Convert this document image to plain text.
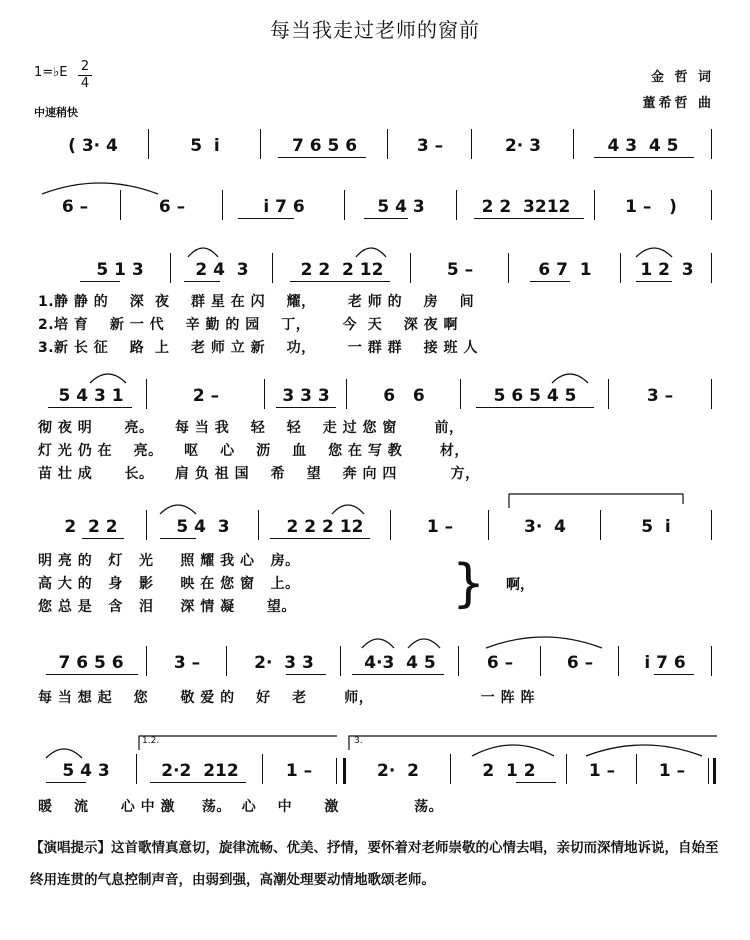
每当我走过老师的窗前
1=♭E 2
4
中速稍快
金 哲 词
董希哲 曲
( 3· 4	5  i	7 6 5 6	3 –	2· 3	4 3  4 5
6 –	6 –	i 7 6	5 4 3	2 2  3212	1 –   )
5 1 3	2 4  3	2 2  2 12	5 –	6 7  1	1 2  3
1.静 静 的    深  夜    群 星 在 闪    耀，      老 师 的    房    间
2.培 育    新 一 代    辛 勤 的 园    丁，      今  天    深 夜 啊
3.新 长 征    路  上    老 师 立 新    功，      一 群 群    接 班 人
5 4 3 1	2 –	3 3 3	6   6	5 6 5 4 5	3 –
彻 夜 明      亮。    每 当 我    轻    轻    走 过 您 窗       前，
灯 光 仍 在    亮。    呕    心    沥    血    您 在 写 教       材，
苗 壮 成      长。    肩 负 祖 国    希    望    奔 向 四          方，
2  2 2	5 4  3	2 2 2 12	1 –	3·  4	5  i
明 亮 的   灯   光     照 耀 我 心   房。
高 大 的   身   影     映 在 您 窗   上。
您 总 是   含   泪     深 情 凝      望。	} 啊，
7 6 5 6	3 –	2·  3 3	4·3  4 5	6 –	6 –	i 7 6
每 当 想 起    您      敬 爱 的    好    老       师，                    一 阵 阵
1.2.	3.
5 4 3	2·2  212	1 –	2·  2	2  1 2	1 –	1 –
暖    流      心 中 激     荡。  心    中      激              荡。
【演唱提示】这首歌情真意切，旋律流畅、优美、抒情，要怀着对老师崇敬的心情去唱，亲切而深情地诉说，自始至终用连贯的气息控制声音，由弱到强，高潮处理要动情地歌颂老师。
